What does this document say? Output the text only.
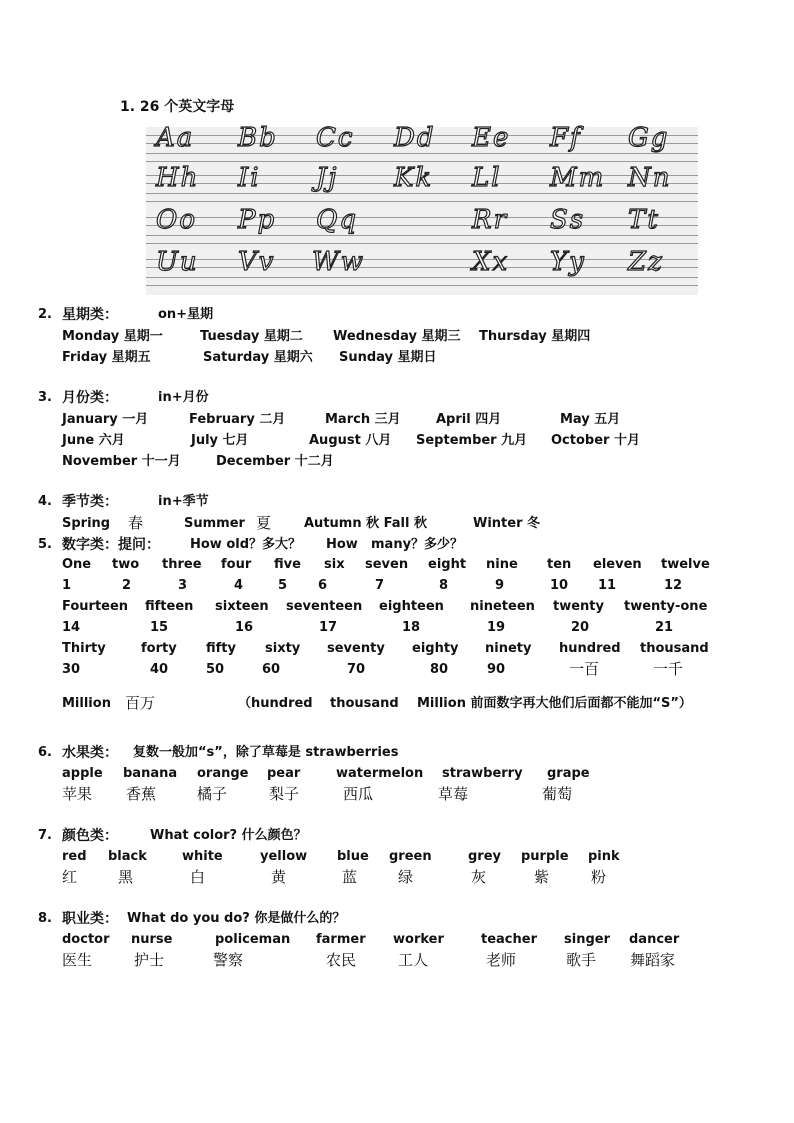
1. 26 个英文字母
Aa Bb Cc Dd Ee Ff Gg
Hh Ii Jj Kk Ll Mm Nn
Oo Pp Qq	Rr Ss Tt
Uu Vv Ww	Xx Yy Zz
2. 星期类：	on+星期
Monday 星期一	Tuesday 星期二 Wednesday 星期三 Thursday 星期四
Friday 星期五	Saturday 星期六 Sunday 星期日
3. 月份类：	in+月份
January 一月	February 二月	March 三月	April 四月	May 五月
June 六月	July 七月	August 八月 September 九月 October 十月
November 十一月	December 十二月
4. 季节类：	in+季节
Spring 春	Summer 夏	Autumn 秋 Fall 秋	Winter 冬
5. 数字类：提问： How old？多大？ How many？多少？
One two three four five six seven eight nine ten eleven twelve
1	2	3	4	5 6	7	8	9	10 11	12
Fourteen fifteen sixteen seventeen eighteen nineteen twenty twenty-one
14	15	16	17	18	19	20	21
Thirty	forty fifty sixty seventy eighty ninety hundred thousand
30	40	50	60	70	80	90	一百	一千
Million 百万	（hundred thousand Million 前面数字再大他们后面都不能加“S”）
6. 水果类： 复数一般加“s”，除了草莓是 strawberries
apple banana orange pear	watermelon strawberry grape
苹果 香蕉	橘子	梨子	西瓜	草莓	葡萄
7. 颜色类： What color? 什么颜色？
red black	white	yellow blue green	grey purple pink
红	黑	白	黄	蓝	绿	灰	紫	粉
8. 职业类： What do you do? 你是做什么的？
doctor nurse	policeman farmer worker	teacher singer dancer
医生	护士	警察	农民	工人	老师	歌手 舞蹈家
